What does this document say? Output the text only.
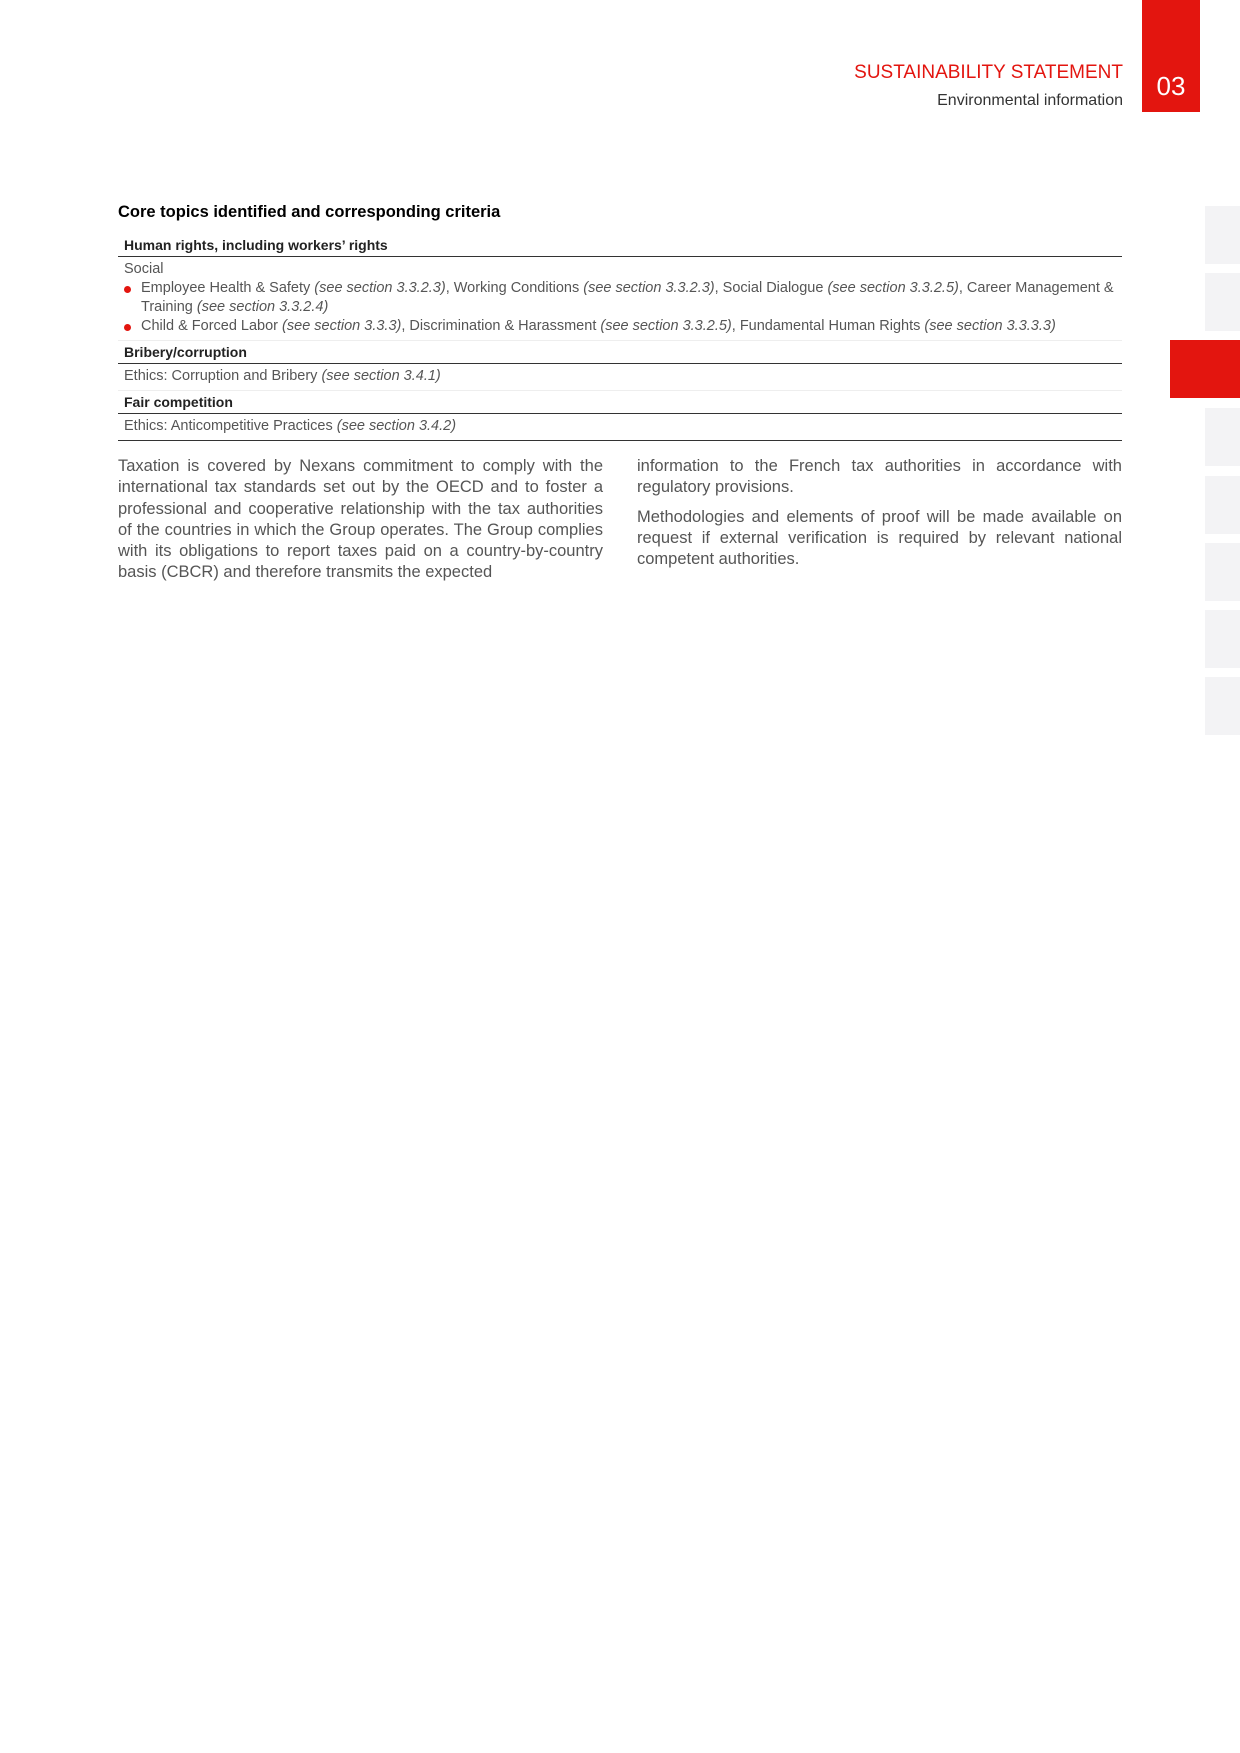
SUSTAINABILITY STATEMENT
Environmental information	03
Core topics identified and corresponding criteria
Human rights, including workers’ rights
Social
Employee Health & Safety (see section 3.3.2.3), Working Conditions (see section 3.3.2.3), Social Dialogue (see section 3.3.2.5), Career Management & Training (see section 3.3.2.4)
Child & Forced Labor (see section 3.3.3), Discrimination & Harassment (see section 3.3.2.5), Fundamental Human Rights (see section 3.3.3.3)
Bribery/corruption
Ethics: Corruption and Bribery (see section 3.4.1)
Fair competition
Ethics: Anticompetitive Practices (see section 3.4.2)

Taxation is covered by Nexans commitment to comply with the international tax standards set out by the OECD and to foster a professional and cooperative relationship with the tax authorities of the countries in which the Group operates. The Group complies with its obligations to report taxes paid on a country-by-country basis (CBCR) and therefore transmits the expected

information to the French tax authorities in accordance with regulatory provisions.

Methodologies and elements of proof will be made available on request if external verification is required by relevant national competent authorities.
